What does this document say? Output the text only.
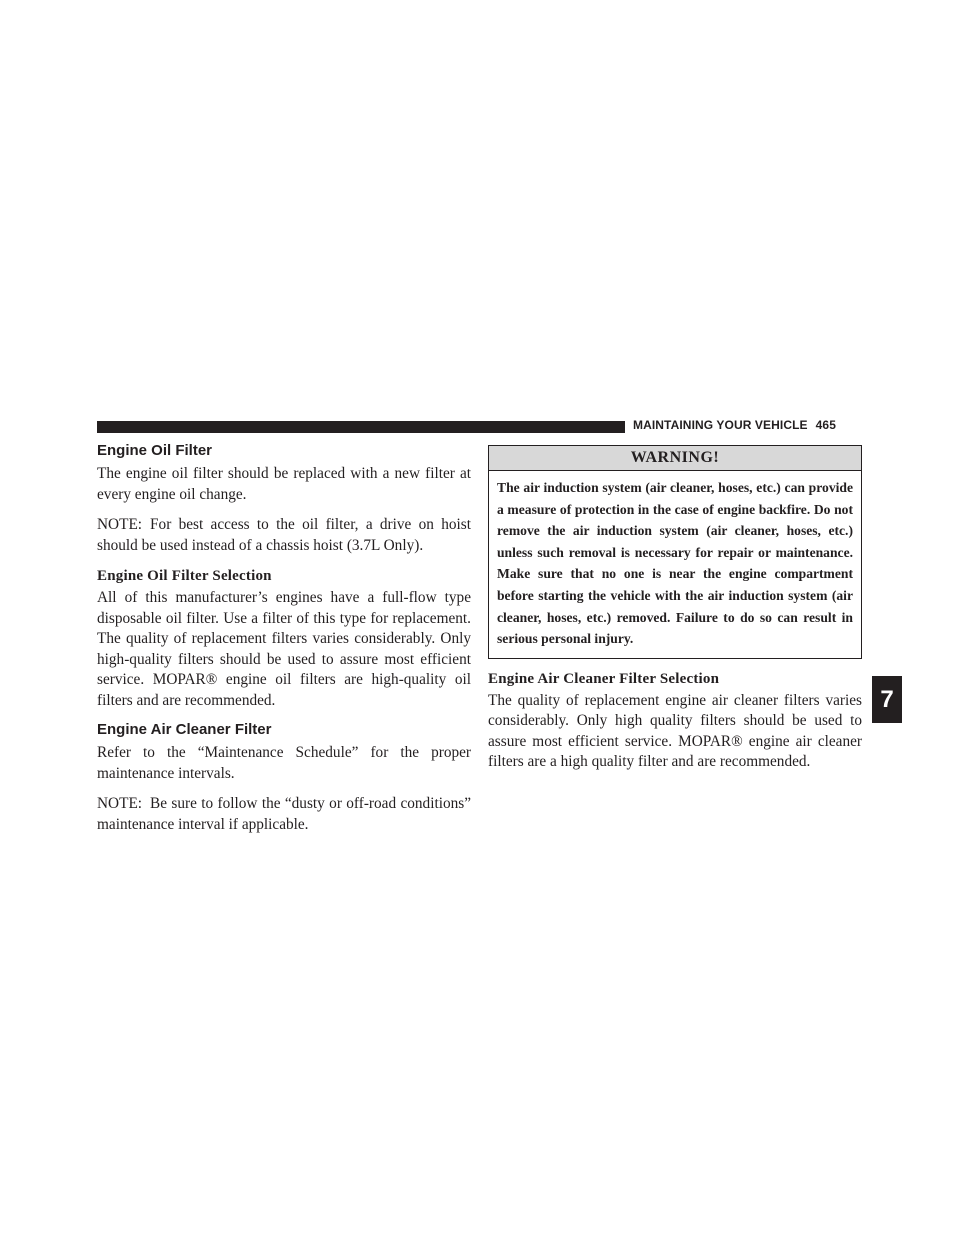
MAINTAINING YOUR VEHICLE 465
Engine Oil Filter

The engine oil filter should be replaced with a new filter at every engine oil change.

NOTE: For best access to the oil filter, a drive on hoist should be used instead of a chassis hoist (3.7L Only).

Engine Oil Filter Selection

All of this manufacturer’s engines have a full-flow type disposable oil filter. Use a filter of this type for replacement. The quality of replacement filters varies considerably. Only high-quality filters should be used to assure most efficient service. MOPAR® engine oil filters are high-quality oil filters and are recommended.

Engine Air Cleaner Filter

Refer to the “Maintenance Schedule” for the proper maintenance intervals.

NOTE: Be sure to follow the “dusty or off-road conditions” maintenance interval if applicable.

WARNING!
The air induction system (air cleaner, hoses, etc.) can provide a measure of protection in the case of engine backfire. Do not remove the air induction system (air cleaner, hoses, etc.) unless such removal is necessary for repair or maintenance. Make sure that no one is near the engine compartment before starting the vehicle with the air induction system (air cleaner, hoses, etc.) removed. Failure to do so can result in serious personal injury.
Engine Air Cleaner Filter Selection

The quality of replacement engine air cleaner filters varies considerably. Only high quality filters should be used to assure most efficient service. MOPAR® engine air cleaner filters are a high quality filter and are recommended.

7
